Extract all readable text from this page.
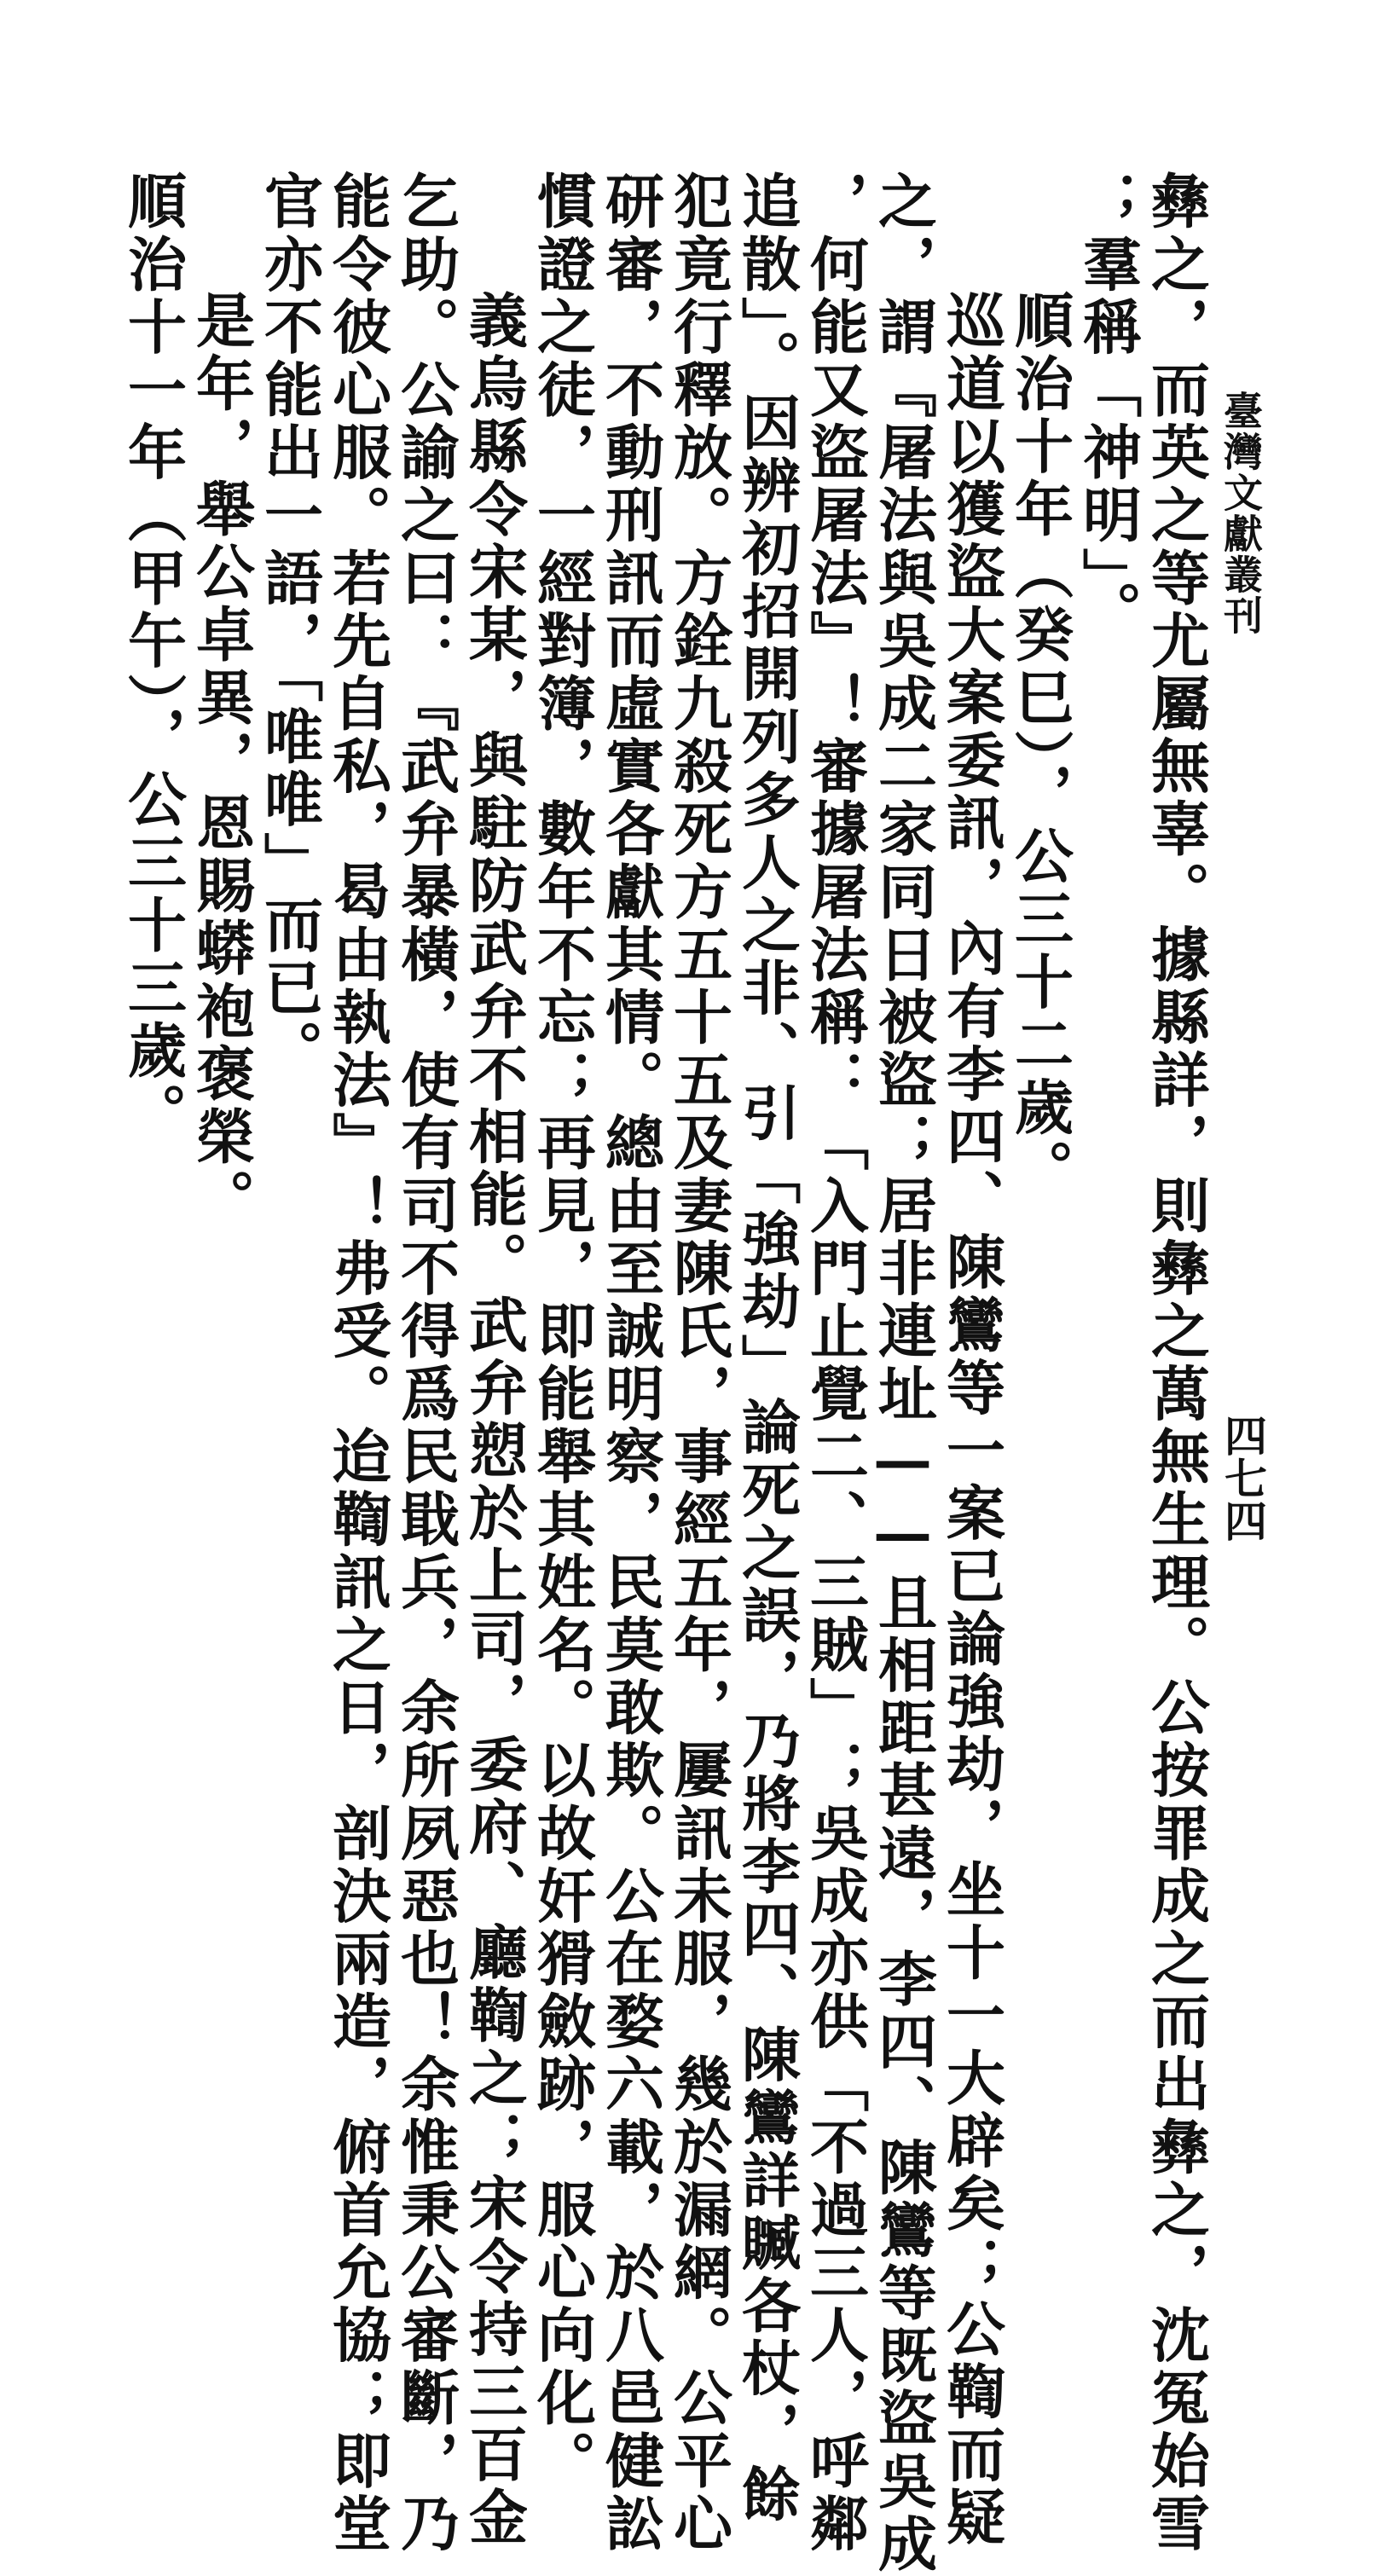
臺灣文獻叢刊
四七四

彝之，而英之等尤屬無辜。據縣詳，則彝之萬無生理。公按罪成之而出彝之，沈冤始雪

；羣稱「神明」。

順治十年（癸巳），公三十二歲。

巡道以獲盜大案委訊，內有李四、陳鸞等一案已論強劫，坐十一大辟矣；公鞫而疑

之，謂『屠法與吳成二家同日被盜；居非連址——且相距甚遠，李四、陳鸞等既盜吳成

，何能又盜屠法』！審據屠法稱：「入門止覺二、三賊」；吳成亦供「不過三人，呼鄰

追散」。因辨初招開列多人之非、引「強劫」論死之誤，乃將李四、陳鸞詳贓各杖，餘

犯竟行釋放。方銓九殺死方五十五及妻陳氏，事經五年，屢訊未服，幾於漏網。公平心

研審，不動刑訊而虛實各獻其情。總由至誠明察，民莫敢欺。公在婺六載，於八邑健訟

慣證之徒，一經對簿，數年不忘；再見，即能舉其姓名。以故奸猾斂跡，服心向化。

義烏縣令宋某，與駐防武弁不相能。武弁愬於上司，委府、廳鞫之；宋令持三百金

乞助。公諭之曰：『武弁暴橫，使有司不得爲民戢兵，余所夙惡也！余惟秉公審斷，乃

能令彼心服。若先自私，曷由執法』！弗受。迨鞫訊之日，剖決兩造，俯首允協；即堂

官亦不能出一語，「唯唯」而已。

是年，舉公卓異，恩賜蟒袍褒榮。

順治十一年（甲午），公三十三歲。
